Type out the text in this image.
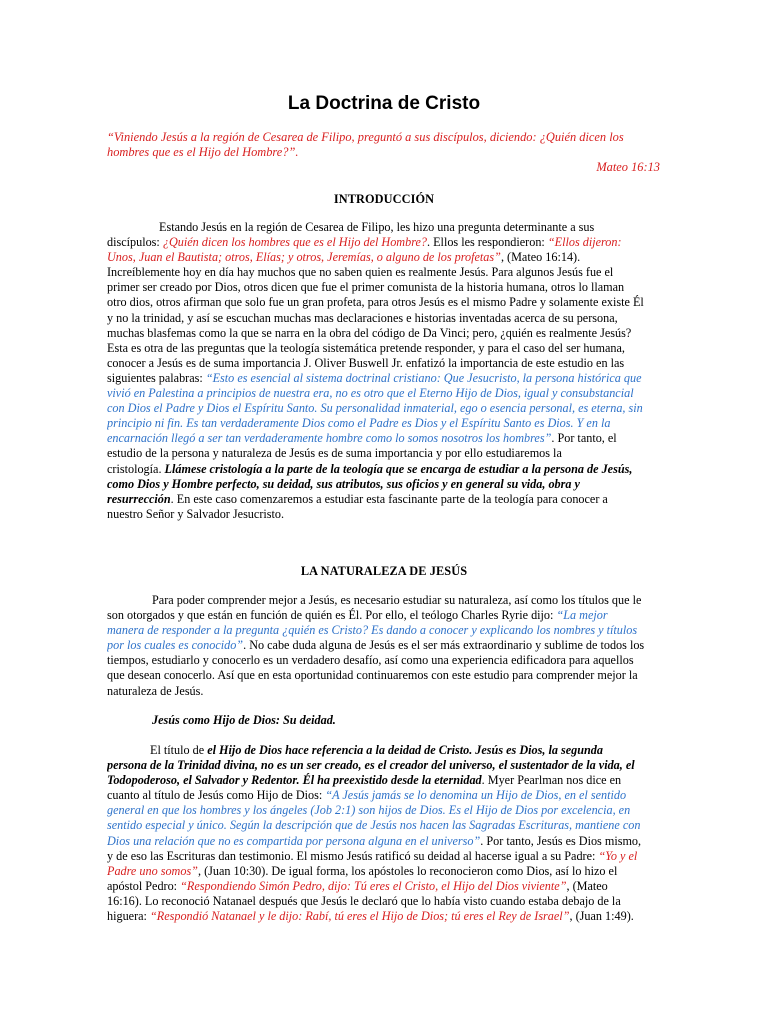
La Doctrina de Cristo
“Viniendo Jesús a la región de Cesarea de Filipo, preguntó a sus discípulos, diciendo: ¿Quién dicen los
hombres que es el Hijo del Hombre?”.
Mateo 16:13
INTRODUCCIÓN
Estando Jesús en la región de Cesarea de Filipo, les hizo una pregunta determinante a sus
discípulos: ¿Quién dicen los hombres que es el Hijo del Hombre?. Ellos les respondieron: “Ellos dijeron:
Unos, Juan el Bautista; otros, Elías; y otros, Jeremías, o alguno de los profetas”, (Mateo 16:14).
Increíblemente hoy en día hay muchos que no saben quien es realmente Jesús. Para algunos Jesús fue el
primer ser creado por Dios, otros dicen que fue el primer comunista de la historia humana, otros lo llaman
otro dios, otros afirman que solo fue un gran profeta, para otros Jesús es el mismo Padre y solamente existe Él
y no la trinidad, y así se escuchan muchas mas declaraciones e historias inventadas acerca de su persona,
muchas blasfemas como la que se narra en la obra del código de Da Vinci; pero, ¿quién es realmente Jesús?
Esta es otra de las preguntas que la teología sistemática pretende responder, y para el caso del ser humana,
conocer a Jesús es de suma importancia J. Oliver Buswell Jr. enfatizó la importancia de este estudio en las
siguientes palabras: “Esto es esencial al sistema doctrinal cristiano: Que Jesucristo, la persona histórica que
vivió en Palestina a principios de nuestra era, no es otro que el Eterno Hijo de Dios, igual y consubstancial
con Dios el Padre y Dios el Espíritu Santo. Su personalidad inmaterial, ego o esencia personal, es eterna, sin
principio ni fin. Es tan verdaderamente Dios como el Padre es Dios y el Espíritu Santo es Dios. Y en la
encarnación llegó a ser tan verdaderamente hombre como lo somos nosotros los hombres”. Por tanto, el
estudio de la persona y naturaleza de Jesús es de suma importancia y por ello estudiaremos la
cristología. Llámese cristología a la parte de la teología que se encarga de estudiar a la persona de Jesús,
como Dios y Hombre perfecto, su deidad, sus atributos, sus oficios y en general su vida, obra y
resurrección. En este caso comenzaremos a estudiar esta fascinante parte de la teología para conocer a
nuestro Señor y Salvador Jesucristo.
LA NATURALEZA DE JESÚS
Para poder comprender mejor a Jesús, es necesario estudiar su naturaleza, así como los títulos que le
son otorgados y que están en función de quién es Él. Por ello, el teólogo Charles Ryrie dijo: “La mejor
manera de responder a la pregunta ¿quién es Cristo? Es dando a conocer y explicando los nombres y títulos
por los cuales es conocido”. No cabe duda alguna de Jesús es el ser más extraordinario y sublime de todos los
tiempos, estudiarlo y conocerlo es un verdadero desafío, así como una experiencia edificadora para aquellos
que desean conocerlo. Así que en esta oportunidad continuaremos con este estudio para comprender mejor la
naturaleza de Jesús.
Jesús como Hijo de Dios: Su deidad.
El título de el Hijo de Dios hace referencia a la deidad de Cristo. Jesús es Dios, la segunda
persona de la Trinidad divina, no es un ser creado, es el creador del universo, el sustentador de la vida, el
Todopoderoso, el Salvador y Redentor. Él ha preexistido desde la eternidad. Myer Pearlman nos dice en
cuanto al título de Jesús como Hijo de Dios: “A Jesús jamás se lo denomina un Hijo de Dios, en el sentido
general en que los hombres y los ángeles (Job 2:1) son hijos de Dios. Es el Hijo de Dios por excelencia, en
sentido especial y único. Según la descripción que de Jesús nos hacen las Sagradas Escrituras, mantiene con
Dios una relación que no es compartida por persona alguna en el universo”. Por tanto, Jesús es Dios mismo,
y de eso las Escrituras dan testimonio. El mismo Jesús ratificó su deidad al hacerse igual a su Padre: “Yo y el
Padre uno somos”, (Juan 10:30). De igual forma, los apóstoles lo reconocieron como Dios, así lo hizo el
apóstol Pedro: “Respondiendo Simón Pedro, dijo: Tú eres el Cristo, el Hijo del Dios viviente”, (Mateo
16:16). Lo reconoció Natanael después que Jesús le declaró que lo había visto cuando estaba debajo de la
higuera: “Respondió Natanael y le dijo: Rabí, tú eres el Hijo de Dios; tú eres el Rey de Israel”, (Juan 1:49).
